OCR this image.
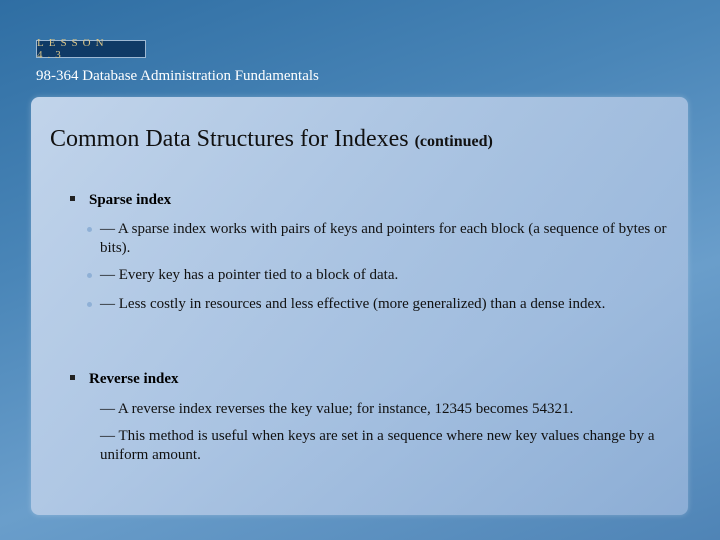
LESSON 4.3
98-364 Database Administration Fundamentals
Common Data Structures for Indexes (continued)
Sparse index
— A sparse index works with pairs of keys and pointers for each block (a sequence of bytes or bits).
— Every key has a pointer tied to a block of data.
— Less costly in resources and less effective (more generalized) than a dense index.
Reverse index
— A reverse index reverses the key value; for instance, 12345 becomes 54321.
— This method is useful when keys are set in a sequence where new key values change by a uniform amount.
